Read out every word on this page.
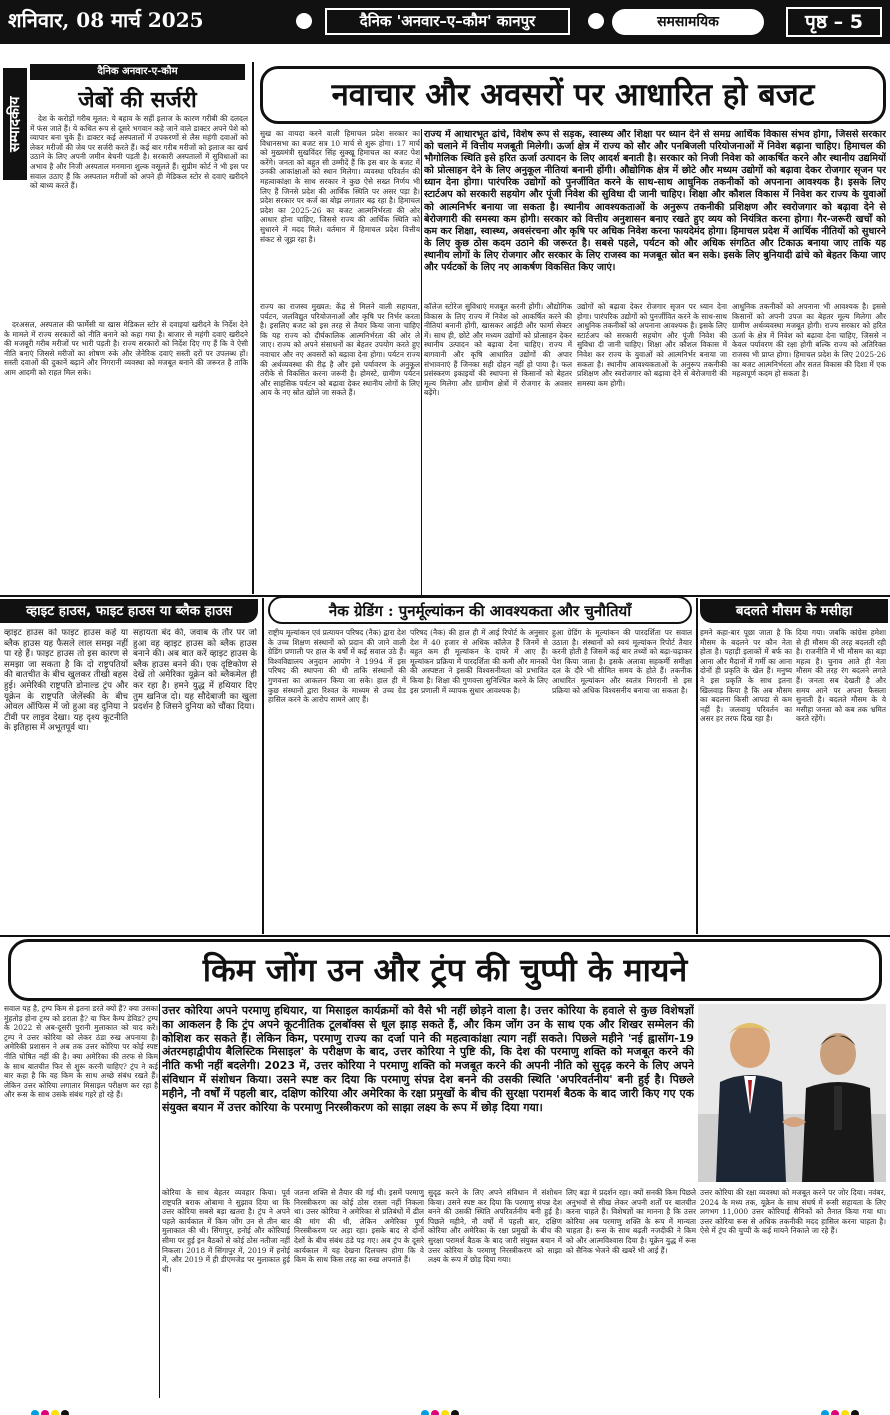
शनिवार, 08 मार्च 2025	दैनिक 'अनवार–ए–कौम' कानपुर	समसामयिक	पृष्ठ – 5
सम्पादकीय
दैनिक अनवार-ए-कौम
जेबों की सर्जरी
देश के करोड़ों गरीब मूलत: ये बहाव के सहीं इलाज के कारण गरीबी की दलदल में फंस जाते हैं। ये कथित रूप से दूसरे भगवान कहे जाने वाले डाक्टर अपने पेशे को व्यापार बना चुके हैं। डाक्टर कई अस्पतालों में उपकरणों से लैस महंगी दवाओं को लेकर मरीजों की जेब पर सर्जरी करते हैं। कई बार गरीब मरीजों को इलाज का खर्च उठाने के लिए अपनी जमीन बेचनी पड़ती है। सरकारी अस्पतालों में सुविधाओं का अभाव है और निजी अस्पताल मनमाना शुल्क वसूलते हैं। सुप्रीम कोर्ट ने भी इस पर सवाल उठाए हैं कि अस्पताल मरीजों को अपने ही मेडिकल स्टोर से दवाएं खरीदने को बाध्य करते हैं।
दरअसल, अस्पताल की फार्मेसी या खास मेडिकल स्टोर से दवाइयां खरीदने के निर्देश देने के मामले में राज्य सरकारों को नीति बनाने को कहा गया है। बाजार से महंगी दवाएं खरीदने की मजबूरी गरीब मरीजों पर भारी पड़ती है। राज्य सरकारों को निर्देश दिए गए हैं कि वे ऐसी नीति बनाएं जिससे मरीजों का शोषण रुके और जेनेरिक दवाएं सस्ती दरों पर उपलब्ध हों। सस्ती दवाओं की दुकानें बढ़ाने और निगरानी व्यवस्था को मजबूत बनाने की जरूरत है ताकि आम आदमी को राहत मिल सके।
नवाचार और अवसरों पर आधारित हो बजट
सुख का वायदा करने वाली हिमाचल प्रदेश सरकार का विधानसभा का बजट सत्र 10 मार्च से शुरू होगा। 17 मार्च को मुख्यमंत्री सुखविंदर सिंह सुक्खू हिमाचल का बजट पेश करेंगे। जनता को बहुत सी उम्मीदें हैं कि इस बार के बजट में उनकी आकांक्षाओं को स्थान मिलेगा। व्यवस्था परिवर्तन की महत्वाकांक्षा के साथ सरकार ने कुछ ऐसे सख्त निर्णय भी लिए हैं जिनसे प्रदेश की आर्थिक स्थिति पर असर पड़ा है। प्रदेश सरकार पर कर्ज का बोझ लगातार बढ़ रहा है। हिमाचल प्रदेश का 2025-26 का बजट आत्मनिर्भरता की ओर आधार होना चाहिए, जिससे राज्य की आर्थिक स्थिति को सुधारने में मदद मिले। वर्तमान में हिमाचल प्रदेश वित्तीय संकट से जूझ रहा है।
राज्य में आधारभूत ढांचे, विशेष रूप से सड़क, स्वास्थ्य और शिक्षा पर ध्यान देने से समग्र आर्थिक विकास संभव होगा, जिससे सरकार को चलाने में वित्तीय मजबूती मिलेगी। ऊर्जा क्षेत्र में राज्य को सौर और पनबिजली परियोजनाओं में निवेश बढ़ाना चाहिए। हिमाचल की भौगोलिक स्थिति इसे हरित ऊर्जा उत्पादन के लिए आदर्श बनाती है। सरकार को निजी निवेश को आकर्षित करने और स्थानीय उद्यमियों को प्रोत्साहन देने के लिए अनुकूल नीतियां बनानी होंगी। औद्योगिक क्षेत्र में छोटे और मध्यम उद्योगों को बढ़ावा देकर रोजगार सृजन पर ध्यान देना होगा। पारंपरिक उद्योगों को पुनर्जीवित करने के साथ-साथ आधुनिक तकनीकों को अपनाना आवश्यक है। इसके लिए स्टार्टअप को सरकारी सहयोग और पूंजी निवेश की सुविधा दी जानी चाहिए। शिक्षा और कौशल विकास में निवेश कर राज्य के युवाओं को आत्मनिर्भर बनाया जा सकता है। स्थानीय आवश्यकताओं के अनुरूप तकनीकी प्रशिक्षण और स्वरोजगार को बढ़ावा देने से बेरोजगारी की समस्या कम होगी। सरकार को वित्तीय अनुशासन बनाए रखते हुए व्यय को नियंत्रित करना होगा। गैर-जरूरी खर्चों को कम कर शिक्षा, स्वास्थ्य, अवसंरचना और कृषि पर अधिक निवेश करना फायदेमंद होगा। हिमाचल प्रदेश में आर्थिक नीतियों को सुधारने के लिए कुछ ठोस कदम उठाने की जरूरत है। सबसे पहले, पर्यटन को और अधिक संगठित और टिकाऊ बनाया जाए ताकि यह स्थानीय लोगों के लिए रोजगार और सरकार के लिए राजस्व का मजबूत स्रोत बन सके। इसके लिए बुनियादी ढांचे को बेहतर किया जाए और पर्यटकों के लिए नए आकर्षण विकसित किए जाएं।
राज्य का राजस्व मुख्यत: केंद्र से मिलने वाली सहायता, पर्यटन, जलविद्युत परियोजनाओं और कृषि पर निर्भर करता है। इसलिए बजट को इस तरह से तैयार किया जाना चाहिए कि यह राज्य को दीर्घकालिक आत्मनिर्भरता की ओर ले जाए। राज्य को अपने संसाधनों का बेहतर उपयोग करते हुए नवाचार और नए अवसरों को बढ़ावा देना होगा। पर्यटन राज्य की अर्थव्यवस्था की रीढ़ है और इसे पर्यावरण के अनुकूल तरीके से विकसित करना जरूरी है। होमस्टे, ग्रामीण पर्यटन और साहसिक पर्यटन को बढ़ावा देकर स्थानीय लोगों के लिए आय के नए स्रोत खोले जा सकते हैं।
कॉलेज स्टोरेज सुविधाएं मजबूत करनी होंगी। औद्योगिक विकास के लिए राज्य में निवेश को आकर्षित करने की नीतियां बनानी होंगी, खासकर आईटी और फार्मा सेक्टर में। साथ ही, छोटे और मध्यम उद्योगों को प्रोत्साहन देकर स्थानीय उत्पादन को बढ़ावा देना चाहिए। राज्य में बागवानी और कृषि आधारित उद्योगों की अपार संभावनाएं हैं जिनका सही दोहन नहीं हो पाया है। फल प्रसंस्करण इकाइयों की स्थापना से किसानों को बेहतर मूल्य मिलेगा और ग्रामीण क्षेत्रों में रोजगार के अवसर बढ़ेंगे।
उद्योगों को बढ़ावा देकर रोजगार सृजन पर ध्यान देना होगा। पारंपरिक उद्योगों को पुनर्जीवित करने के साथ-साथ आधुनिक तकनीकों को अपनाना आवश्यक है। इसके लिए स्टार्टअप को सरकारी सहयोग और पूंजी निवेश की सुविधा दी जानी चाहिए। शिक्षा और कौशल विकास में निवेश कर राज्य के युवाओं को आत्मनिर्भर बनाया जा सकता है। स्थानीय आवश्यकताओं के अनुरूप तकनीकी प्रशिक्षण और स्वरोजगार को बढ़ावा देने से बेरोजगारी की समस्या कम होगी।
आधुनिक तकनीकों को अपनाना भी आवश्यक है। इससे किसानों को अपनी उपज का बेहतर मूल्य मिलेगा और ग्रामीण अर्थव्यवस्था मजबूत होगी। राज्य सरकार को हरित ऊर्जा के क्षेत्र में निवेश को बढ़ावा देना चाहिए, जिससे न केवल पर्यावरण की रक्षा होगी बल्कि राज्य को अतिरिक्त राजस्व भी प्राप्त होगा। हिमाचल प्रदेश के लिए 2025-26 का बजट आत्मनिर्भरता और सतत विकास की दिशा में एक महत्वपूर्ण कदम हो सकता है।
व्हाइट हाउस, फाइट हाउस या ब्लैक हाउस
व्हाइट हाउस को फाइट हाउस कहें या ब्लैक हाउस यह फैसले लाल समझ नहीं पा रहे हैं। फाइट हाउस तो इस कारण से समझा जा सकता है कि दो राष्ट्रपतियों की बातचीत के बीच खुलकर तीखी बहस हुई। अमेरिकी राष्ट्रपति डोनाल्ड ट्रंप और यूक्रेन के राष्ट्रपति जेलेंस्की के बीच ओवल ऑफिस में जो हुआ वह दुनिया ने टीवी पर लाइव देखा। यह दृश्य कूटनीति के इतिहास में अभूतपूर्व था।
सहायता बंद की, जवाब के तौर पर जो हुआ वह व्हाइट हाउस को ब्लैक हाउस बनाने की। अब बात करें व्हाइट हाउस के ब्लैक हाउस बनने की। एक दृष्टिकोण से देखें तो अमेरिका यूक्रेन को ब्लैकमेल ही कर रहा है। हमने युद्ध में हथियार दिए तुम खनिज दो। यह सौदेबाजी का खुला प्रदर्शन है जिसने दुनिया को चौंका दिया।
नैक ग्रेडिंग : पुनर्मूल्यांकन की आवश्यकता और चुनौतियाँ
राष्ट्रीय मूल्यांकन एवं प्रत्यायन परिषद (नैक) द्वारा देश के उच्च शिक्षण संस्थानों को प्रदान की जाने वाली ग्रेडिंग प्रणाली पर हाल के वर्षों में कई सवाल उठे हैं। विश्वविद्यालय अनुदान आयोग ने 1994 में इस परिषद की स्थापना की थी ताकि संस्थानों की गुणवत्ता का आकलन किया जा सके। हाल ही में कुछ संस्थानों द्वारा रिश्वत के माध्यम से उच्च ग्रेड हासिल करने के आरोप सामने आए हैं।
परिषद (नैक) की हाल ही में आई रिपोर्ट के अनुसार देश में 40 हजार से अधिक कॉलेज हैं जिनमें से बहुत कम ही मूल्यांकन के दायरे में आए हैं। मूल्यांकन प्रक्रिया में पारदर्शिता की कमी और मानकों की अस्पष्टता ने इसकी विश्वसनीयता को प्रभावित किया है। शिक्षा की गुणवत्ता सुनिश्चित करने के लिए इस प्रणाली में व्यापक सुधार आवश्यक है।
हुआ ग्रेडिंग के मूल्यांकन की पारदर्शिता पर सवाल उठाता है। संस्थानों को स्वयं मूल्यांकन रिपोर्ट तैयार करनी होती है जिसमें कई बार तथ्यों को बढ़ा-चढ़ाकर पेश किया जाता है। इसके अलावा सहकर्मी समीक्षा दल के दौरे भी सीमित समय के होते हैं। तकनीक आधारित मूल्यांकन और स्वतंत्र निगरानी से इस प्रक्रिया को अधिक विश्वसनीय बनाया जा सकता है।
बदलते मौसम के मसीहा
हमने कहा-बार पूछा जाता है कि मौसम के बदलने पर कौन नेता होता है। पहाड़ी इलाकों में बर्फ का आना और मैदानों में गर्मी का आना दोनों ही प्रकृति के खेल हैं। मनुष्य ने इस प्रकृति के साथ इतना खिलवाड़ किया है कि अब मौसम का बदलना किसी आपदा से कम नहीं है। जलवायु परिवर्तन का असर हर तरफ दिख रहा है।
दिया गया। जबकि कांग्रेस हमेशा से ही मौसम की तरह बदलती रही है। राजनीति में भी मौसम का बड़ा महत्व है। चुनाव आते ही नेता मौसम की तरह रंग बदलने लगते हैं। जनता सब देखती है और समय आने पर अपना फैसला सुनाती है। बदलते मौसम के ये मसीहा जनता को कब तक भ्रमित करते रहेंगे।
किम जोंग उन और ट्रंप की चुप्पी के मायने
सवाल यह है, ट्रम्प किम से इतना डरते क्यों हैं? क्या उसका मुंहतोड़ होना ट्रम्प को डराता है? या फिर कैम्प डेविड? ट्रम्प के 2022 से अब-दूसरी पुरानी मुलाकात को याद करें। ट्रम्प ने उत्तर कोरिया को लेकर ठंडा रुख अपनाया है। अमेरिकी प्रशासन ने अब तक उत्तर कोरिया पर कोई स्पष्ट नीति घोषित नहीं की है। क्या अमेरिका की तरफ से किम के साथ बातचीत फिर से शुरू करनी चाहिए? ट्रंप ने कई बार कहा है कि वह किम के साथ अच्छे संबंध रखते हैं। लेकिन उत्तर कोरिया लगातार मिसाइल परीक्षण कर रहा है और रूस के साथ उसके संबंध गहरे हो रहे हैं।
उत्तर कोरिया अपने परमाणु हथियार, या मिसाइल कार्यक्रमों को वैसे भी नहीं छोड़ने वाला है। उत्तर कोरिया के हवाले से कुछ विशेषज्ञों का आकलन है कि ट्रंप अपने कूटनीतिक टूलबॉक्स से धूल झाड़ सकते हैं, और किम जोंग उन के साथ एक और शिखर सम्मेलन की कोशिश कर सकते हैं। लेकिन किम, परमाणु राज्य का दर्जा पाने की महत्वाकांक्षा त्याग नहीं सकते। पिछले महीने 'नई ह्वासोंग-19 अंतरमहाद्वीपीय बैलिस्टिक मिसाइल' के परीक्षण के बाद, उत्तर कोरिया ने पुष्टि की, कि देश की परमाणु शक्ति को मजबूत करने की नीति कभी नहीं बदलेगी। 2023 में, उत्तर कोरिया ने परमाणु शक्ति को मजबूत करने की अपनी नीति को सुदृढ़ करने के लिए अपने संविधान में संशोधन किया। उसने स्पष्ट कर दिया कि परमाणु संपन्न देश बनने की उसकी स्थिति 'अपरिवर्तनीय' बनी हुई है। पिछले महीने, नौ वर्षों में पहली बार, दक्षिण कोरिया और अमेरिका के रक्षा प्रमुखों के बीच की सुरक्षा परामर्श बैठक के बाद जारी किए गए एक संयुक्त बयान में उत्तर कोरिया के परमाणु निरस्त्रीकरण को साझा लक्ष्य के रूप में छोड़ दिया गया।
कोरिया के साथ बेहतर व्यवहार किया। पूर्व राष्ट्रपति बराक ओबामा ने सुझाव दिया था कि उत्तर कोरिया सबसे बड़ा खतरा है। ट्रंप ने अपने पहले कार्यकाल में किम जोंग उन से तीन बार मुलाकात की थी। सिंगापुर, हनोई और कोरियाई सीमा पर हुई इन बैठकों से कोई ठोस नतीजा नहीं निकला। 2018 में सिंगापुर में, 2019 में हनोई में, और 2019 में ही डीएमजेड पर मुलाकात हुई थी।
जतना शक्ति से तैयार की गई थी। इसमें परमाणु निरस्त्रीकरण का कोई ठोस रास्ता नहीं निकला था। उत्तर कोरिया ने अमेरिका से प्रतिबंधों में ढील की मांग की थी, लेकिन अमेरिका पूर्ण निरस्त्रीकरण पर अड़ा रहा। इसके बाद से दोनों देशों के बीच संबंध ठंडे पड़ गए। अब ट्रंप के दूसरे कार्यकाल में यह देखना दिलचस्प होगा कि वे किम के साथ किस तरह का रुख अपनाते हैं।
सुदृढ़ करने के लिए अपने संविधान में संशोधन किया। उसने स्पष्ट कर दिया कि परमाणु संपन्न देश बनने की उसकी स्थिति अपरिवर्तनीय बनी हुई है। पिछले महीने, नौ वर्षों में पहली बार, दक्षिण कोरिया और अमेरिका के रक्षा प्रमुखों के बीच की सुरक्षा परामर्श बैठक के बाद जारी संयुक्त बयान में उत्तर कोरिया के परमाणु निरस्त्रीकरण को साझा लक्ष्य के रूप में छोड़ दिया गया।
लिए बड़ा मे प्रदर्शन रहा। क्यों सनकी किम पिछले अनुभवों से सीख लेकर अपनी शर्तों पर बातचीत करना चाहते हैं। विशेषज्ञों का मानना है कि उत्तर कोरिया अब परमाणु शक्ति के रूप में मान्यता चाहता है। रूस के साथ बढ़ती नजदीकी ने किम को और आत्मविश्वास दिया है। यूक्रेन युद्ध में रूस को सैनिक भेजने की खबरें भी आई हैं।
उत्तर कोरिया की रक्षा व्यवस्था को मजबूत करने पर जोर दिया। नवंबर, 2024 के मध्य तक, यूक्रेन के साथ संघर्ष में रूसी सहायता के लिए लगभग 11,000 उत्तर कोरियाई सैनिकों को तैनात किया गया था। उत्तर कोरिया रूस से अधिक तकनीकी मदद हासिल करना चाहता है। ऐसे में ट्रंप की चुप्पी के कई मायने निकाले जा रहे हैं।
